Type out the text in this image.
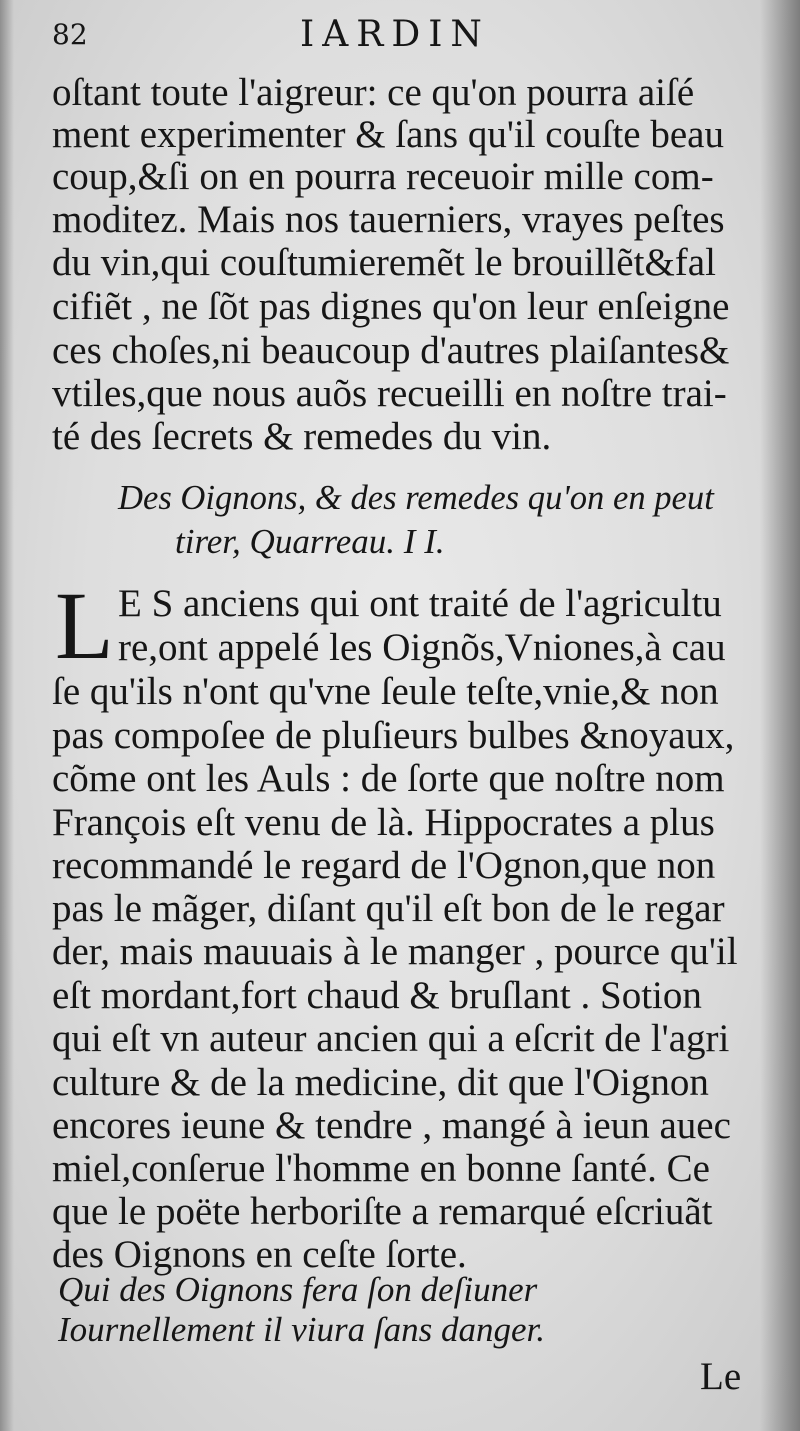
82	IARDIN
oſtant toute l'aigreur: ce qu'on pourra aiſé
ment experimenter & ſans qu'il couſte beau
coup,&ſi on en pourra receuoir mille com-
moditez. Mais nos tauerniers, vrayes peſtes
du vin,qui couſtumieremẽt le brouillẽt&fal
cifiẽt , ne ſõt pas dignes qu'on leur enſeigne
ces choſes,ni beaucoup d'autres plaiſantes&
vtiles,que nous auõs recueilli en noſtre trai-
té des ſecrets & remedes du vin.
Des Oignons, & des remedes qu'on en peut
tirer, Quarreau. I I.
L E S anciens qui ont traité de l'agricultu
re,ont appelé les Oignõs,Vniones,à cau
ſe qu'ils n'ont qu'vne ſeule teſte,vnie,& non
pas compoſee de pluſieurs bulbes &noyaux,
cõme ont les Auls : de ſorte que noſtre nom
François eſt venu de là. Hippocrates a plus
recommandé le regard de l'Ognon,que non
pas le mãger, diſant qu'il eſt bon de le regar
der, mais mauuais à le manger , pource qu'il
eſt mordant,fort chaud & bruſlant . Sotion
qui eſt vn auteur ancien qui a eſcrit de l'agri
culture & de la medicine, dit que l'Oignon
encores ieune & tendre , mangé à ieun auec
miel,conſerue l'homme en bonne ſanté. Ce
que le poëte herboriſte a remarqué eſcriuãt
des Oignons en ceſte ſorte.
Qui des Oignons fera ſon deſiuner
Iournellement il viura ſans danger.
Le
